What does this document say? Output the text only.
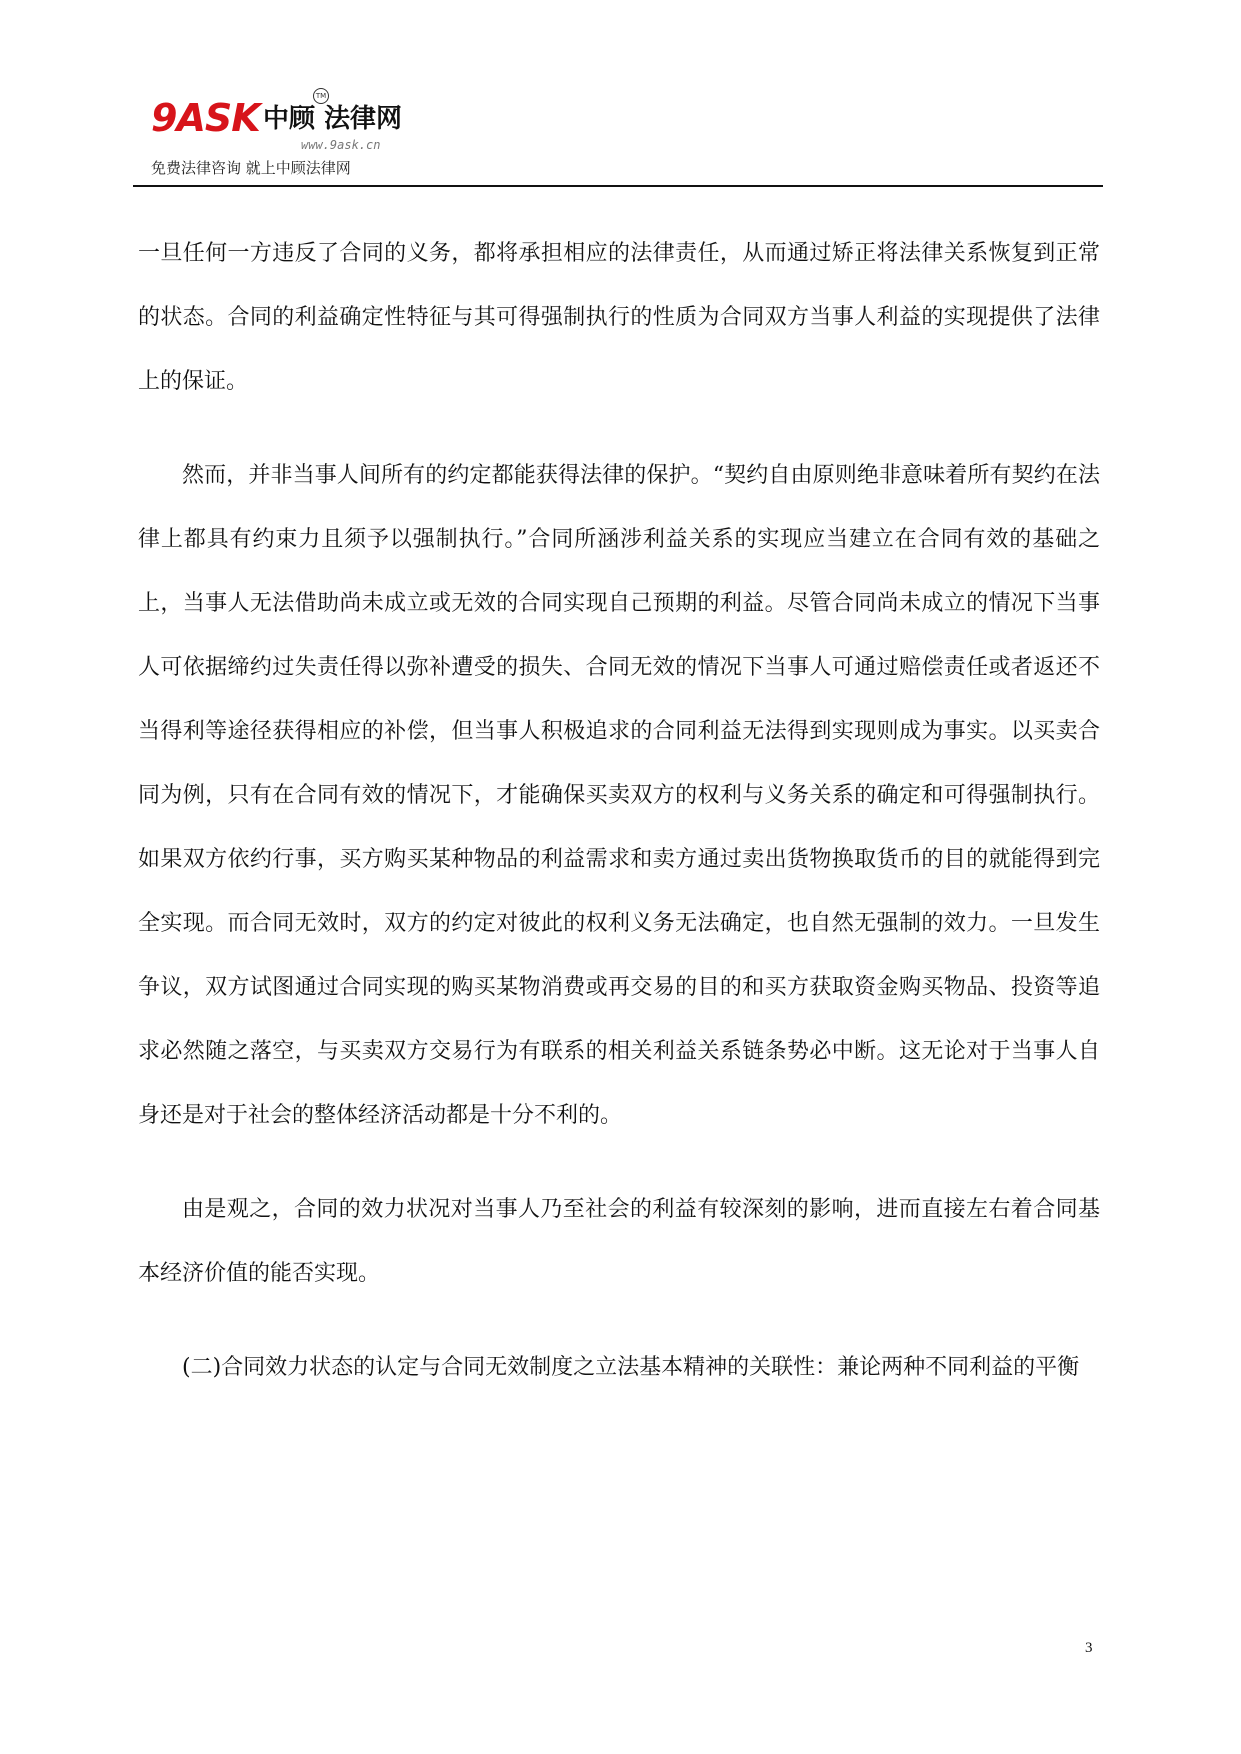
9ASK 中顾 法律网
TM
www.9ask.cn
免费法律咨询 就上中顾法律网

一旦任何一方违反了合同的义务，都将承担相应的法律责任，从而通过矫正将法律关系恢复到正常的状态。合同的利益确定性特征与其可得强制执行的性质为合同双方当事人利益的实现提供了法律上的保证。

然而，并非当事人间所有的约定都能获得法律的保护。“契约自由原则绝非意味着所有契约在法律上都具有约束力且须予以强制执行。”合同所涵涉利益关系的实现应当建立在合同有效的基础之上，当事人无法借助尚未成立或无效的合同实现自己预期的利益。尽管合同尚未成立的情况下当事人可依据缔约过失责任得以弥补遭受的损失、合同无效的情况下当事人可通过赔偿责任或者返还不当得利等途径获得相应的补偿，但当事人积极追求的合同利益无法得到实现则成为事实。以买卖合同为例，只有在合同有效的情况下，才能确保买卖双方的权利与义务关系的确定和可得强制执行。如果双方依约行事，买方购买某种物品的利益需求和卖方通过卖出货物换取货币的目的就能得到完全实现。而合同无效时，双方的约定对彼此的权利义务无法确定，也自然无强制的效力。一旦发生争议，双方试图通过合同实现的购买某物消费或再交易的目的和买方获取资金购买物品、投资等追求必然随之落空，与买卖双方交易行为有联系的相关利益关系链条势必中断。这无论对于当事人自身还是对于社会的整体经济活动都是十分不利的。

由是观之，合同的效力状况对当事人乃至社会的利益有较深刻的影响，进而直接左右着合同基本经济价值的能否实现。

(二)合同效力状态的认定与合同无效制度之立法基本精神的关联性：兼论两种不同利益的平衡

3
